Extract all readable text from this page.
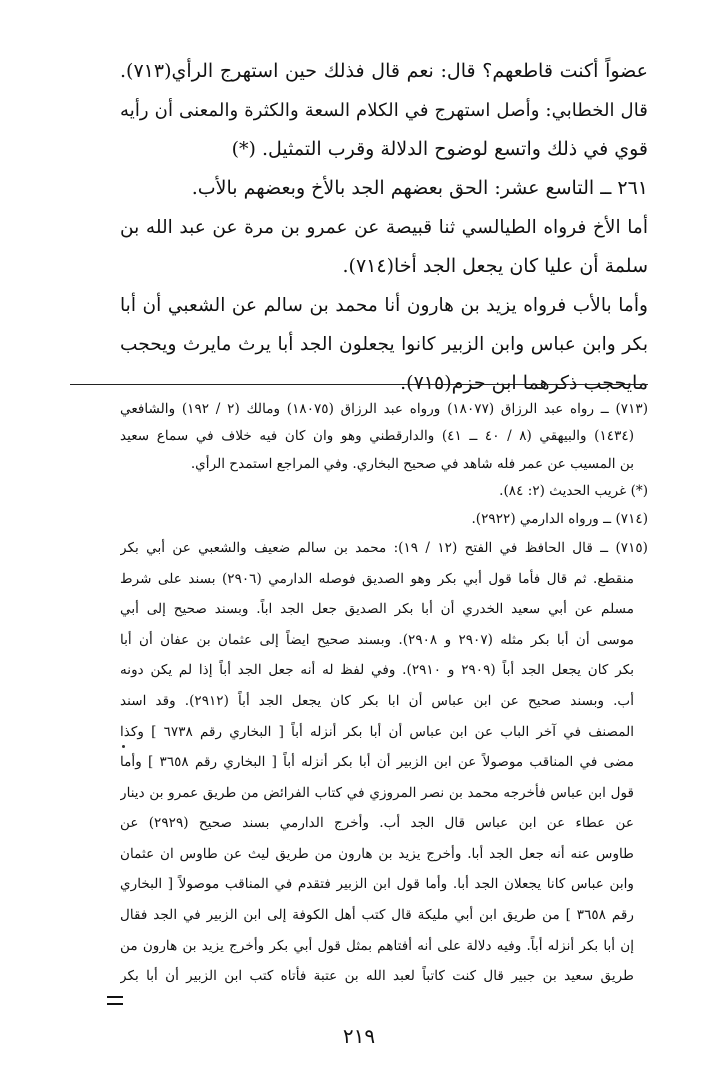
عضواً أكنت قاطعهم؟ قال: نعم قال فذلك حين استهرج الرأي(٧١٣).
قال الخطابي: وأصل استهرج في الكلام السعة والكثرة والمعنى أن رأيه
قوي في ذلك واتسع لوضوح الدلالة وقرب التمثيل. (*)
٢٦١ ــ التاسع عشر: الحق بعضهم الجد بالأخ وبعضهم بالأب.
أما الأخ فرواه الطيالسي ثنا قبيصة عن عمرو بن مرة عن عبد الله بن
سلمة أن عليا كان يجعل الجد أخا(٧١٤).
وأما بالأب فرواه يزيد بن هارون أنا محمد بن سالم عن الشعبي أن أبا
بكر وابن عباس وابن الزبير كانوا يجعلون الجد أبا يرث مايرث ويحجب
مايحجب ذكرهما ابن حزم(٧١٥).
(٧١٣) ــ رواه عبد الرزاق (١٨٠٧٧) ورواه عبد الرزاق (١٨٠٧٥) ومالك (٢ / ١٩٢) والشافعي
(١٤٣٤) والبيهقي (٨ / ٤٠ ــ ٤١) والدارقطني وهو وان كان فيه خلاف في سماع سعيد
بن المسيب عن عمر فله شاهد في صحيح البخاري. وفي المراجع استمدح الرأي.
(*) غريب الحديث (٢: ٨٤).
(٧١٤) ــ ورواه الدارمي (٢٩٢٢).
(٧١٥) ــ قال الحافظ في الفتح (١٢ / ١٩): محمد بن سالم ضعيف والشعبي عن أبي بكر
منقطع. ثم قال فأما قول أبي بكر وهو الصديق فوصله الدارمي (٢٩٠٦) بسند على شرط
مسلم عن أبي سعيد الخدري أن أبا بكر الصديق جعل الجد اباً. وبسند صحيح إلى أبي
موسى أن أبا بكر مثله (٢٩٠٧ و ٢٩٠٨). وبسند صحيح ايضاً إلى عثمان بن عفان أن أبا
بكر كان يجعل الجد أباً (٢٩٠٩ و ٢٩١٠). وفي لفظ له أنه جعل الجد أباً إذا لم يكن دونه
أب. وبسند صحيح عن ابن عباس أن ابا بكر كان يجعل الجد أباً (٢٩١٢). وقد اسند
المصنف في آخر الباب عن ابن عباس أن أبا بكر أنزله أباً [ البخاري رقم ٦٧٣٨ ] وكذا
مضى في المناقب موصولاً عن ابن الزبير أن أبا بكر أنزله أباً [ البخاري رقم ٣٦٥٨ ] وأما
قول ابن عباس فأخرجه محمد بن نصر المروزي في كتاب الفرائض من طريق عمرو بن دينار
عن عطاء عن ابن عباس قال الجد أب. وأخرج الدارمي بسند صحيح (٢٩٢٩) عن
طاوس عنه أنه جعل الجد أبا. وأخرج يزيد بن هارون من طريق ليث عن طاوس ان عثمان
وابن عباس كانا يجعلان الجد أبا. وأما قول ابن الزبير فتقدم في المناقب موصولاً [ البخاري
رقم ٣٦٥٨ ] من طريق ابن أبي مليكة قال كتب أهل الكوفة إلى ابن الزبير في الجد فقال
إن أبا بكر أنزله أباً. وفيه دلالة على أنه أفتاهم بمثل قول أبي بكر وأخرج يزيد بن هارون من
طريق سعيد بن جبير قال كنت كاتباً لعبد الله بن عتبة فأتاه كتب ابن الزبير أن أبا بكر
٢١٩
